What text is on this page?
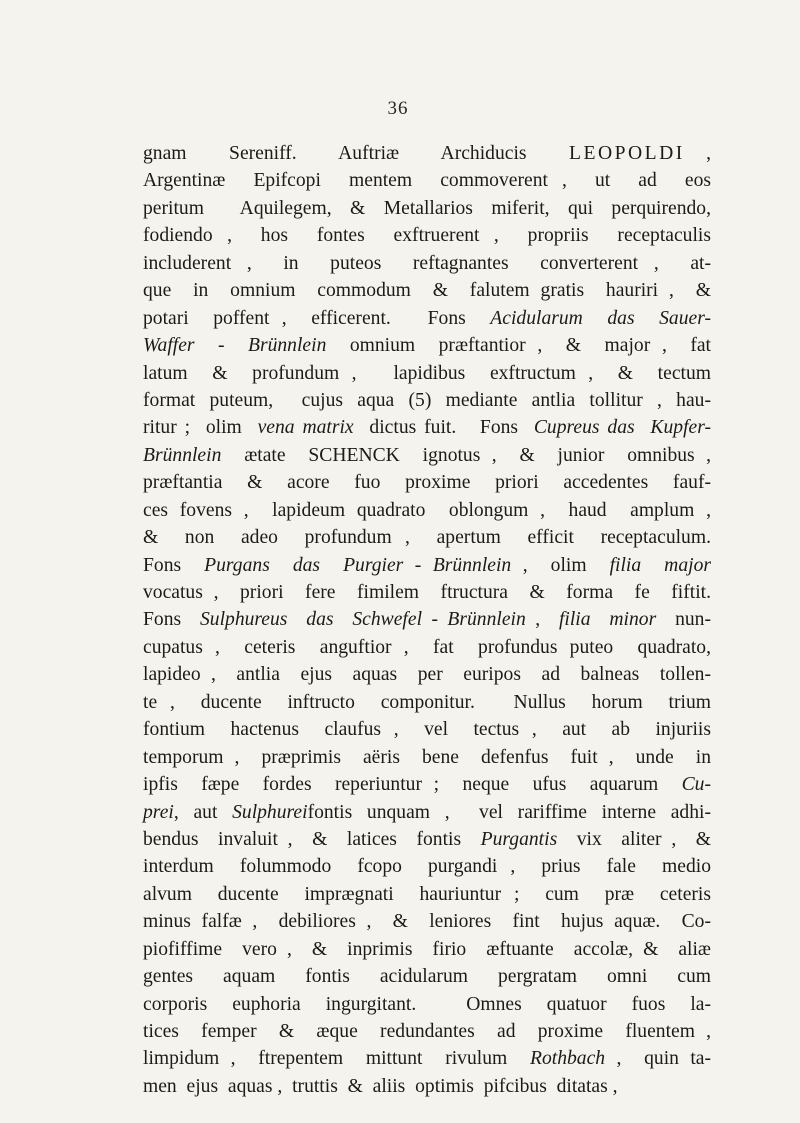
36
gnam  Sereniff.  Auftriæ  Archiducis  LEOPOLDI ,
Argentinæ  Epifcopi  mentem  commoverent ,  ut  ad  eos
peritum  Aquilegem, & Metallarios miferit, qui perquirendo,
fodiendo ,  hos  fontes  exftruerent ,  propriis  receptaculis
includerent ,  in  puteos  reftagnantes  converterent ,  at-
que  in  omnium  commodum  &  falutem gratis  hauriri ,  &
potari  poffent ,  efficerent.   Fons  Acidularum  das  Sauer-
Waffer  -  Brünnlein  omnium  præftantior ,  &  major ,  fat
latum  &  profundum ,   lapidibus  exftructum ,  &  tectum
format puteum,  cujus aqua (5) mediante antlia tollitur , hau-
ritur ;  olim  vena matrix  dictus fuit.   Fons  Cupreus das  Kupfer-
Brünnlein  ætate  SCHENCK  ignotus ,  &  junior  omnibus ,
præftantia  &  acore  fuo  proxime  priori  accedentes  fauf-
ces fovens ,  lapideum quadrato  oblongum ,  haud  amplum ,
&  non  adeo  profundum ,  apertum  efficit  receptaculum.
Fons  Purgans  das  Purgier - Brünnlein ,  olim  filia  major
vocatus ,  priori  fere  fimilem  ftructura  &  forma  fe  fiftit.
Fons  Sulphureus  das  Schwefel - Brünnlein ,  filia  minor  nun-
cupatus ,  ceteris  anguftior ,  fat  profundus puteo  quadrato,
lapideo ,  antlia  ejus  aquas  per  euripos  ad  balneas  tollen-
te ,  ducente  inftructo  componitur.   Nullus  horum  trium
fontium  hactenus  claufus ,  vel  tectus ,  aut  ab  injuriis
temporum ,  præprimis  aëris  bene  defenfus  fuit ,  unde  in
ipfis  fæpe  fordes  reperiuntur ;  neque  ufus  aquarum  Cu-
prei, aut Sulphureifontis unquam ,  vel rariffime interne adhi-
bendus  invaluit ,  &  latices  fontis  Purgantis  vix  aliter ,  &
interdum  folummodo  fcopo  purgandi ,  prius  fale  medio
alvum  ducente  imprægnati  hauriuntur ;  cum  præ  ceteris
minus falfæ ,  debiliores ,  &  leniores  fint  hujus aquæ.  Co-
piofiffime  vero ,  &  inprimis  firio  æftuante  accolæ, &  aliæ
gentes  aquam  fontis  acidularum  pergratam  omni  cum
corporis  euphoria  ingurgitant.    Omnes  quatuor  fuos  la-
tices  femper  &  æque  redundantes  ad  proxime  fluentem ,
limpidum ,  ftrepentem  mittunt  rivulum  Rothbach ,  quin ta-
men  ejus  aquas ,  truttis  &  aliis  optimis  pifcibus  ditatas ,
